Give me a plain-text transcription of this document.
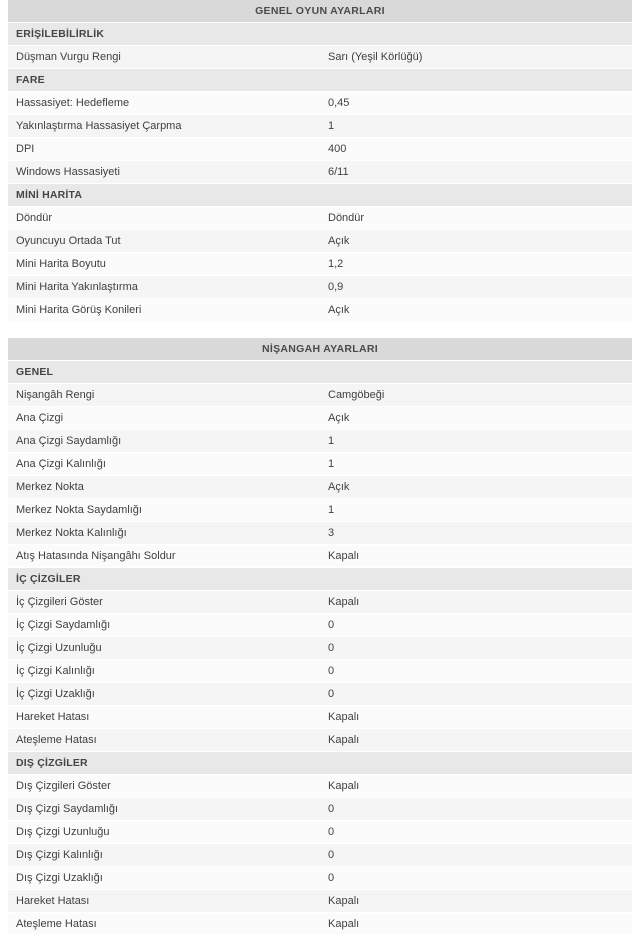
GENEL OYUN AYARLARI	
ERİŞİLEBİLİRLİK	
Düşman Vurgu Rengi	Sarı (Yeşil Körlüğü)
FARE	
Hassasiyet: Hedefleme	0,45
Yakınlaştırma Hassasiyet Çarpma	1
DPI	400
Windows Hassasiyeti	6/11
MİNİ HARİTA	
Döndür	Döndür
Oyuncuyu Ortada Tut	Açık
Mini Harita Boyutu	1,2
Mini Harita Yakınlaştırma	0,9
Mini Harita Görüş Konileri	Açık
NİŞANGAH AYARLARI	
GENEL	
Nişangâh Rengi	Camgöbeği
Ana Çizgi	Açık
Ana Çizgi Saydamlığı	1
Ana Çizgi Kalınlığı	1
Merkez Nokta	Açık
Merkez Nokta Saydamlığı	1
Merkez Nokta Kalınlığı	3
Atış Hatasında Nişangâhı Soldur	Kapalı
İÇ ÇİZGİLER	
İç Çizgileri Göster	Kapalı
İç Çizgi Saydamlığı	0
İç Çizgi Uzunluğu	0
İç Çizgi Kalınlığı	0
İç Çizgi Uzaklığı	0
Hareket Hatası	Kapalı
Ateşleme Hatası	Kapalı
DIŞ ÇİZGİLER	
Dış Çizgileri Göster	Kapalı
Dış Çizgi Saydamlığı	0
Dış Çizgi Uzunluğu	0
Dış Çizgi Kalınlığı	0
Dış Çizgi Uzaklığı	0
Hareket Hatası	Kapalı
Ateşleme Hatası	Kapalı
